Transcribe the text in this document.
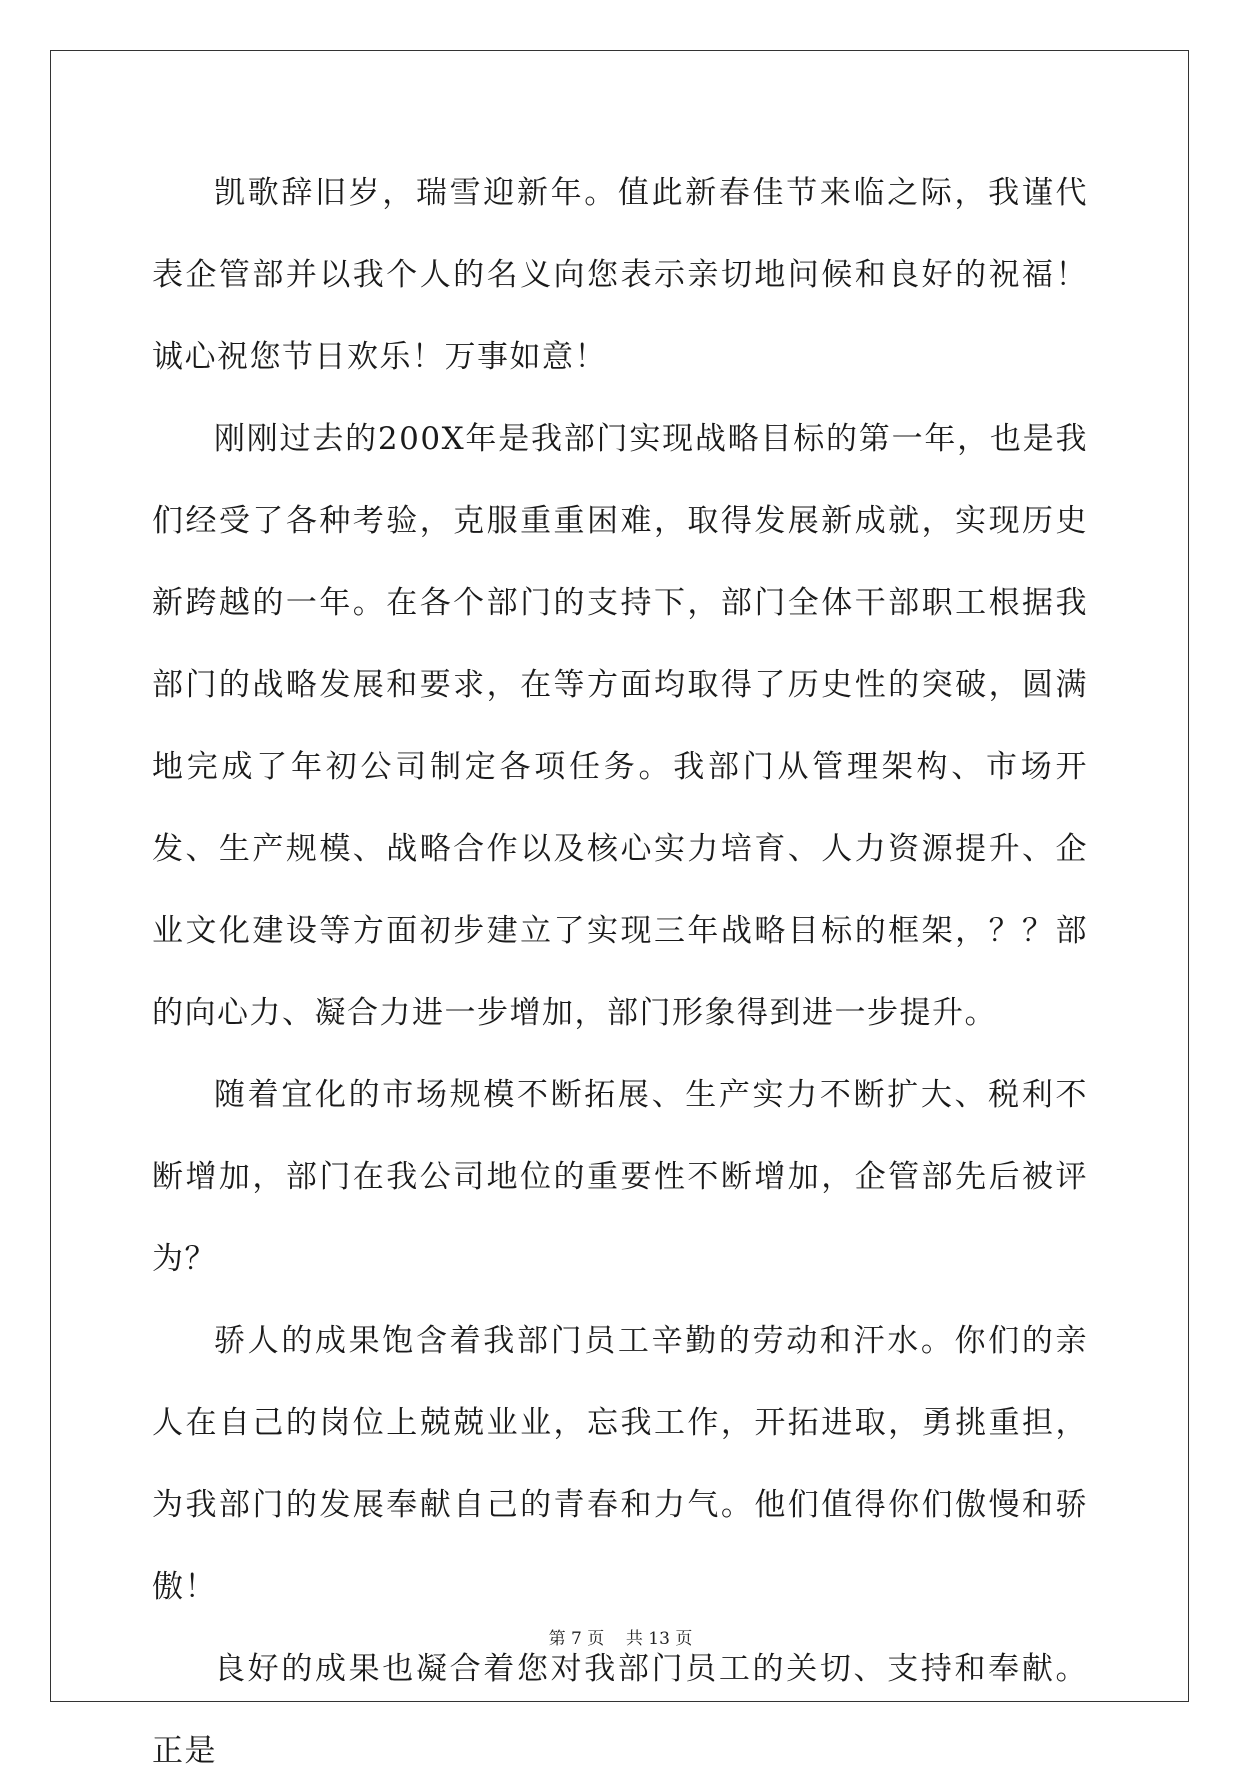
凯歌辞旧岁，瑞雪迎新年。值此新春佳节来临之际，我谨代表企管部并以我个人的名义向您表示亲切地问候和良好的祝福！诚心祝您节日欢乐！万事如意！

刚刚过去的200X年是我部门实现战略目标的第一年，也是我们经受了各种考验，克服重重困难，取得发展新成就，实现历史新跨越的一年。在各个部门的支持下，部门全体干部职工根据我部门的战略发展和要求，在等方面均取得了历史性的突破，圆满地完成了年初公司制定各项任务。我部门从管理架构、市场开发、生产规模、战略合作以及核心实力培育、人力资源提升、企业文化建设等方面初步建立了实现三年战略目标的框架，？？部的向心力、凝合力进一步增加，部门形象得到进一步提升。

随着宜化的市场规模不断拓展、生产实力不断扩大、税利不断增加，部门在我公司地位的重要性不断增加，企管部先后被评为？

骄人的成果饱含着我部门员工辛勤的劳动和汗水。你们的亲人在自己的岗位上兢兢业业，忘我工作，开拓进取，勇挑重担，为我部门的发展奉献自己的青春和力气。他们值得你们傲慢和骄傲！

良好的成果也凝合着您对我部门员工的关切、支持和奉献。正是

第 7 页    共 13 页
